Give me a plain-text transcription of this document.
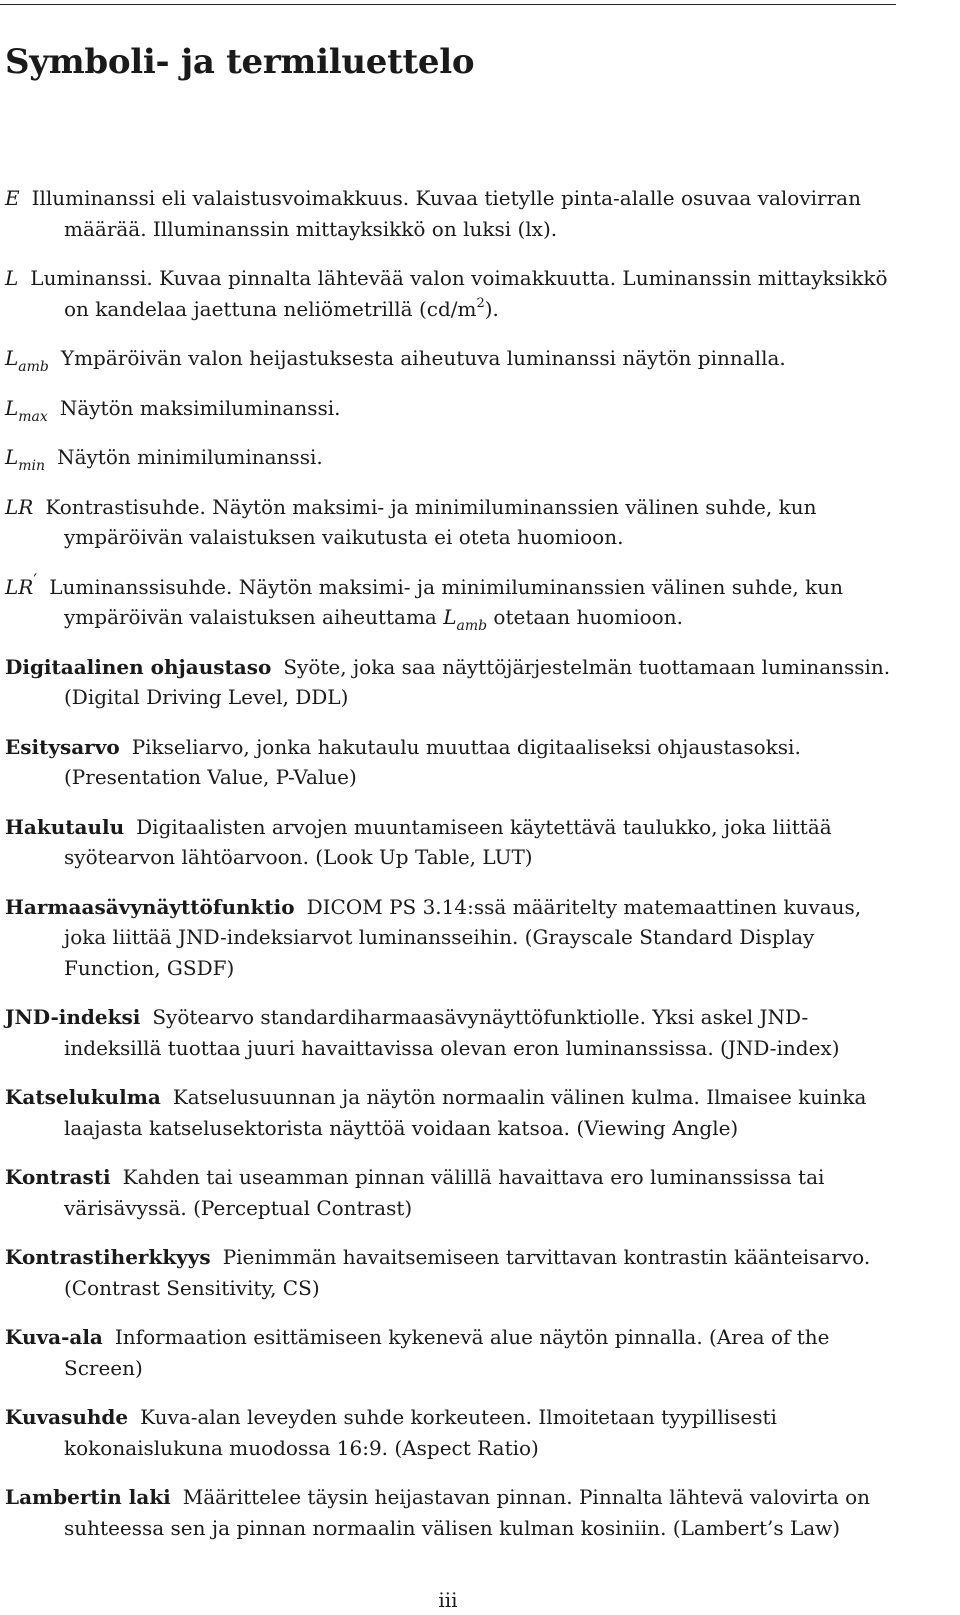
Symboli- ja termiluettelo
E Illuminanssi eli valaistusvoimakkuus. Kuvaa tietylle pinta-alalle osuvaa valovirran määrää. Illuminanssin mittayksikkö on luksi (lx).
L Luminanssi. Kuvaa pinnalta lähtevää valon voimakkuutta. Luminanssin mittayksikkö on kandelaa jaettuna neliömetrillä $(cd/m^2)$.
$L_{amb}$ Ympäröivän valon heijastuksesta aiheutuva luminanssi näytön pinnalla.
$L_{max}$ Näytön maksimiluminanssi.
$L_{min}$ Näytön minimiluminanssi.
LR Kontrastisuhde. Näytön maksimi- ja minimiluminanssien välinen suhde, kun ympäröivän valaistuksen vaikutusta ei oteta huomioon.
LR′ Luminanssisuhde. Näytön maksimi- ja minimiluminanssien välinen suhde, kun ympäröivän valaistuksen aiheuttama $L_{amb}$ otetaan huomioon.
Digitaalinen ohjaustaso Syöte, joka saa näyttöjärjestelmän tuottamaan luminanssin. (Digital Driving Level, DDL)
Esitysarvo Pikseliarvo, jonka hakutaulu muuttaa digitaaliseksi ohjaustasoksi. (Presentation Value, P-Value)
Hakutaulu Digitaalisten arvojen muuntamiseen käytettävä taulukko, joka liittää syötearvon lähtöarvoon. (Look Up Table, LUT)
Harmaasävynäyttöfunktio DICOM PS 3.14:ssä määritelty matemaattinen kuvaus, joka liittää JND-indeksiarvot luminansseihin. (Grayscale Standard Display Function, GSDF)
JND-indeksi Syötearvo standardiharmaasävynäyttöfunktiolle. Yksi askel JND-indeksillä tuottaa juuri havaittavissa olevan eron luminanssissa. (JND-index)
Katselukulma Katselusuunnan ja näytön normaalin välinen kulma. Ilmaisee kuinka laajasta katselusektorista näyttöä voidaan katsoa. (Viewing Angle)
Kontrasti Kahden tai useamman pinnan välillä havaittava ero luminanssissa tai värisävyssä. (Perceptual Contrast)
Kontrastiherkkyys Pienimmän havaitsemiseen tarvittavan kontrastin käänteisarvo. (Contrast Sensitivity, CS)
Kuva-ala Informaation esittämiseen kykenevä alue näytön pinnalla. (Area of the Screen)
Kuvasuhde Kuva-alan leveyden suhde korkeuteen. Ilmoitetaan tyypillisesti kokonaislukuna muodossa 16:9. (Aspect Ratio)
Lambertin laki Määrittelee täysin heijastavan pinnan. Pinnalta lähtevä valovirta on suhteessa sen ja pinnan normaalin välisen kulman kosiniin. (Lambert’s Law)
iii
